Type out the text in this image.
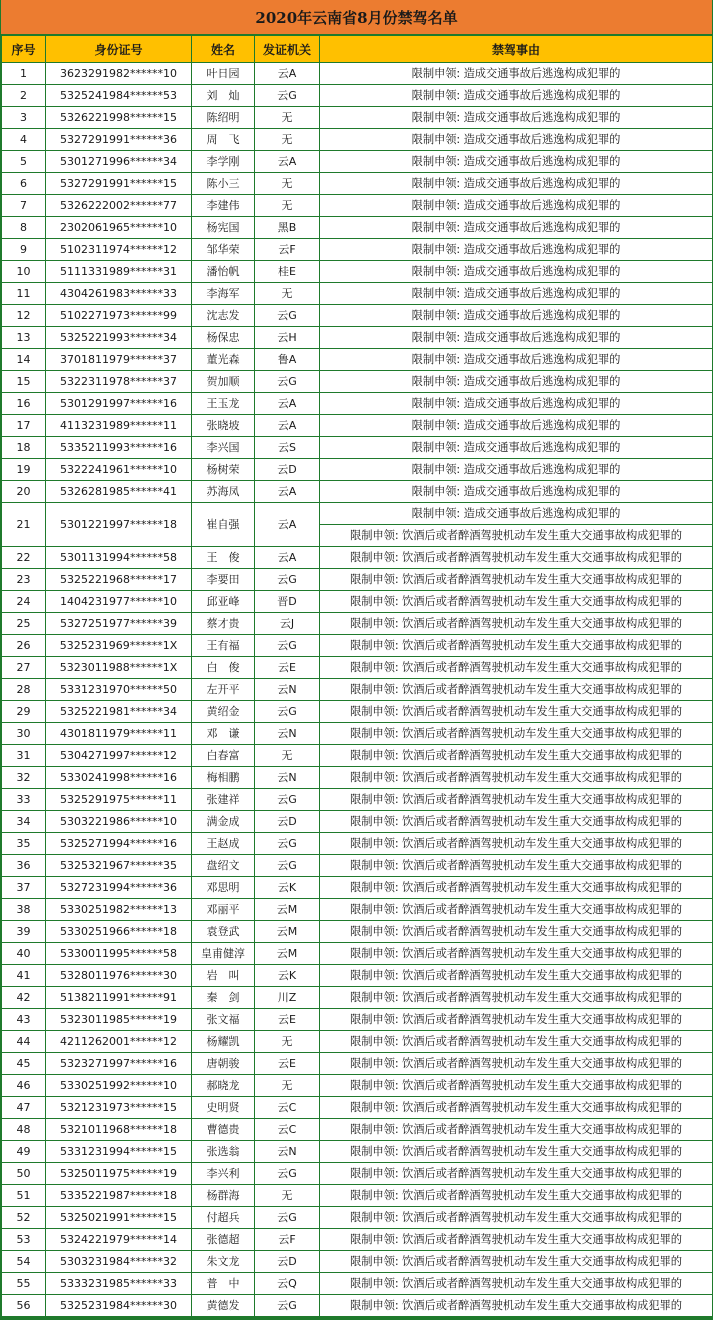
2020年云南省8月份禁驾名单
序号	身份证号	姓名	发证机关	禁驾事由
1	3623291982******10	叶日园	云A	限制申领: 造成交通事故后逃逸构成犯罪的

2	5325241984******53	刘　灿	云G	限制申领: 造成交通事故后逃逸构成犯罪的

3	5326221998******15	陈绍明	无	限制申领: 造成交通事故后逃逸构成犯罪的

4	5327291991******36	周　飞	无	限制申领: 造成交通事故后逃逸构成犯罪的

5	5301271996******34	李学刚	云A	限制申领: 造成交通事故后逃逸构成犯罪的

6	5327291991******15	陈小三	无	限制申领: 造成交通事故后逃逸构成犯罪的

7	5326222002******77	李建伟	无	限制申领: 造成交通事故后逃逸构成犯罪的

8	2302061965******10	杨宪国	黑B	限制申领: 造成交通事故后逃逸构成犯罪的

9	5102311974******12	邹华荣	云F	限制申领: 造成交通事故后逃逸构成犯罪的

10	5111331989******31	潘怡帆	桂E	限制申领: 造成交通事故后逃逸构成犯罪的

11	4304261983******33	李海军	无	限制申领: 造成交通事故后逃逸构成犯罪的

12	5102271973******99	沈志发	云G	限制申领: 造成交通事故后逃逸构成犯罪的

13	5325221993******34	杨保忠	云H	限制申领: 造成交通事故后逃逸构成犯罪的

14	3701811979******37	董光森	鲁A	限制申领: 造成交通事故后逃逸构成犯罪的

15	5322311978******37	贺加顺	云G	限制申领: 造成交通事故后逃逸构成犯罪的

16	5301291997******16	王玉龙	云A	限制申领: 造成交通事故后逃逸构成犯罪的

17	4113231989******11	张晓坡	云A	限制申领: 造成交通事故后逃逸构成犯罪的

18	5335211993******16	李兴国	云S	限制申领: 造成交通事故后逃逸构成犯罪的

19	5322241961******10	杨树荣	云D	限制申领: 造成交通事故后逃逸构成犯罪的

20	5326281985******41	苏海凤	云A	限制申领: 造成交通事故后逃逸构成犯罪的

21	5301221997******18	崔自强	云A	限制申领: 造成交通事故后逃逸构成犯罪的
限制申领: 饮酒后或者醉酒驾驶机动车发生重大交通事故构成犯罪的

22	5301131994******58	王　俊	云A	限制申领: 饮酒后或者醉酒驾驶机动车发生重大交通事故构成犯罪的

23	5325221968******17	李要田	云G	限制申领: 饮酒后或者醉酒驾驶机动车发生重大交通事故构成犯罪的

24	1404231977******10	邱亚峰	晋D	限制申领: 饮酒后或者醉酒驾驶机动车发生重大交通事故构成犯罪的

25	5327251977******39	蔡才贵	云J	限制申领: 饮酒后或者醉酒驾驶机动车发生重大交通事故构成犯罪的

26	5325231969******1X	王有福	云G	限制申领: 饮酒后或者醉酒驾驶机动车发生重大交通事故构成犯罪的

27	5323011988******1X	白　俊	云E	限制申领: 饮酒后或者醉酒驾驶机动车发生重大交通事故构成犯罪的

28	5331231970******50	左开平	云N	限制申领: 饮酒后或者醉酒驾驶机动车发生重大交通事故构成犯罪的

29	5325221981******34	黄绍金	云G	限制申领: 饮酒后或者醉酒驾驶机动车发生重大交通事故构成犯罪的

30	4301811979******11	邓　谦	云N	限制申领: 饮酒后或者醉酒驾驶机动车发生重大交通事故构成犯罪的

31	5304271997******12	白春富	无	限制申领: 饮酒后或者醉酒驾驶机动车发生重大交通事故构成犯罪的

32	5330241998******16	梅相鹏	云N	限制申领: 饮酒后或者醉酒驾驶机动车发生重大交通事故构成犯罪的

33	5325291975******11	张建祥	云G	限制申领: 饮酒后或者醉酒驾驶机动车发生重大交通事故构成犯罪的

34	5303221986******10	满金成	云D	限制申领: 饮酒后或者醉酒驾驶机动车发生重大交通事故构成犯罪的

35	5325271994******16	王赵成	云G	限制申领: 饮酒后或者醉酒驾驶机动车发生重大交通事故构成犯罪的

36	5325321967******35	盘绍文	云G	限制申领: 饮酒后或者醉酒驾驶机动车发生重大交通事故构成犯罪的

37	5327231994******36	邓思明	云K	限制申领: 饮酒后或者醉酒驾驶机动车发生重大交通事故构成犯罪的

38	5330251982******13	邓丽平	云M	限制申领: 饮酒后或者醉酒驾驶机动车发生重大交通事故构成犯罪的

39	5330251966******18	袁登武	云M	限制申领: 饮酒后或者醉酒驾驶机动车发生重大交通事故构成犯罪的

40	5330011995******58	皇甫健淳	云M	限制申领: 饮酒后或者醉酒驾驶机动车发生重大交通事故构成犯罪的

41	5328011976******30	岩　叫	云K	限制申领: 饮酒后或者醉酒驾驶机动车发生重大交通事故构成犯罪的

42	5138211991******91	秦　剑	川Z	限制申领: 饮酒后或者醉酒驾驶机动车发生重大交通事故构成犯罪的

43	5323011985******19	张文福	云E	限制申领: 饮酒后或者醉酒驾驶机动车发生重大交通事故构成犯罪的

44	4211262001******12	杨耀凯	无	限制申领: 饮酒后或者醉酒驾驶机动车发生重大交通事故构成犯罪的

45	5323271997******16	唐朝骏	云E	限制申领: 饮酒后或者醉酒驾驶机动车发生重大交通事故构成犯罪的

46	5330251992******10	郝晓龙	无	限制申领: 饮酒后或者醉酒驾驶机动车发生重大交通事故构成犯罪的

47	5321231973******15	史明贤	云C	限制申领: 饮酒后或者醉酒驾驶机动车发生重大交通事故构成犯罪的

48	5321011968******18	曹德贵	云C	限制申领: 饮酒后或者醉酒驾驶机动车发生重大交通事故构成犯罪的

49	5331231994******15	张选翁	云N	限制申领: 饮酒后或者醉酒驾驶机动车发生重大交通事故构成犯罪的

50	5325011975******19	李兴利	云G	限制申领: 饮酒后或者醉酒驾驶机动车发生重大交通事故构成犯罪的

51	5335221987******18	杨群海	无	限制申领: 饮酒后或者醉酒驾驶机动车发生重大交通事故构成犯罪的

52	5325021991******15	付超兵	云G	限制申领: 饮酒后或者醉酒驾驶机动车发生重大交通事故构成犯罪的

53	5324221979******14	张德超	云F	限制申领: 饮酒后或者醉酒驾驶机动车发生重大交通事故构成犯罪的

54	5303231984******32	朱文龙	云D	限制申领: 饮酒后或者醉酒驾驶机动车发生重大交通事故构成犯罪的

55	5333231985******33	普　中	云Q	限制申领: 饮酒后或者醉酒驾驶机动车发生重大交通事故构成犯罪的

56	5325231984******30	黄德发	云G	限制申领: 饮酒后或者醉酒驾驶机动车发生重大交通事故构成犯罪的
